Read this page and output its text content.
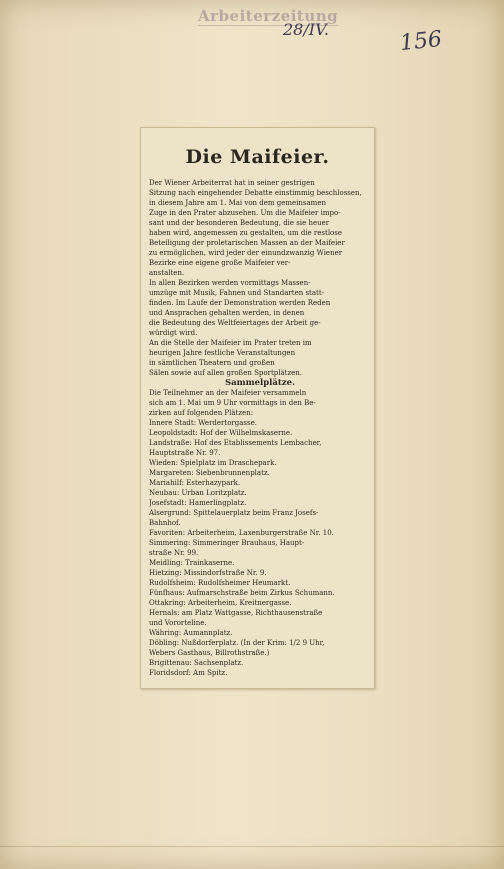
Arbeiterzeitung
28/IV.	156
Die Maifeier.
Der Wiener Arbeiterrat hat in seiner gestrigen
Sitzung nach eingehender Debatte einstimmig beschlossen,
in diesem Jahre am 1. Mai von dem gemeinsamen
Zuge in den Prater abzusehen. Um die Maifeier impo-
sant und der besonderen Bedeutung, die sie heuer
haben wird, angemessen zu gestalten, um die restlose
Beteiligung der proletarischen Massen an der Maifeier
zu ermöglichen, wird jeder der einundzwanzig Wiener
Bezirke eine eigene große Maifeier ver-
anstalten.
In allen Bezirken werden vormittags Massen-
umzüge mit Musik, Fahnen und Standarten statt-
finden. Im Laufe der Demonstration werden Reden
und Ansprachen gehalten werden, in denen
die Bedeutung des Weltfeiertages der Arbeit ge-
würdigt wird.
An die Stelle der Maifeier im Prater treten im
heurigen Jahre festliche Veranstaltungen
in sämtlichen Theatern und großen
Sälen sowie auf allen großen Sportplätzen.
Sammelplätze.
Die Teilnehmer an der Maifeier versammeln
sich am 1. Mai um 9 Uhr vormittags in den Be-
zirken auf folgenden Plätzen:
Innere Stadt: Werdertorgasse.
Leopoldstadt: Hof der Wilhelmskaserne.
Landstraße: Hof des Etablissements Lembacher,
Hauptstraße Nr. 97.
Wieden: Spielplatz im Draschepark.
Margareten: Siebenbrunnenplatz.
Mariahilf: Esterhazypark.
Neubau: Urban Loritzplatz.
Josefstadt: Hamerlingplatz.
Alsergrund: Spittelauerplatz beim Franz Josefs-
Bahnhof.
Favoriten: Arbeiterheim, Laxenburgerstraße Nr. 10.
Simmering: Simmeringer Brauhaus, Haupt-
straße Nr. 99.
Meidling: Trainkaserne.
Hietzing: Missindorfstraße Nr. 9.
Rudolfsheim: Rudolfsheimer Heumarkt.
Fünfhaus: Aufmarschstraße beim Zirkus Schumann.
Ottakring: Arbeiterheim, Kreitnergasse.
Hernals: am Platz Wattgasse, Richthausenstraße
und Vororteline.
Währing: Aumannplatz.
Döbling: Nußdorferplatz. (In der Krim: 1/2 9 Uhr,
Webers Gasthaus, Billrothstraße.)
Brigittenau: Sachsenplatz.
Floridsdorf: Am Spitz.
